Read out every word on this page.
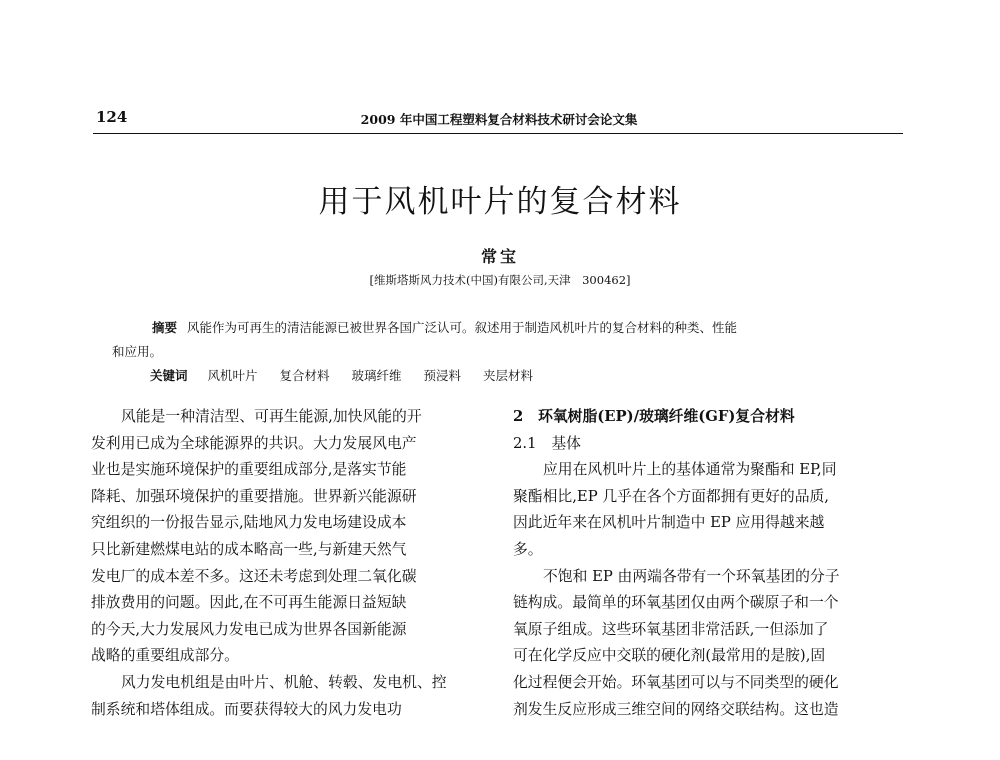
124	2009 年中国工程塑料复合材料技术研讨会论文集
用于风机叶片的复合材料
常宝
[维斯塔斯风力技术(中国)有限公司,天津　300462]
摘要 风能作为可再生的清洁能源已被世界各国广泛认可。叙述用于制造风机叶片的复合材料的种类、性能
和应用。
关键词 风机叶片 复合材料 玻璃纤维 预浸料 夹层材料
风能是一种清洁型、可再生能源,加快风能的开
发利用已成为全球能源界的共识。大力发展风电产
业也是实施环境保护的重要组成部分,是落实节能
降耗、加强环境保护的重要措施。世界新兴能源研
究组织的一份报告显示,陆地风力发电场建设成本
只比新建燃煤电站的成本略高一些,与新建天然气
发电厂的成本差不多。这还未考虑到处理二氧化碳
排放费用的问题。因此,在不可再生能源日益短缺
的今天,大力发展风力发电已成为世界各国新能源
战略的重要组成部分。
风力发电机组是由叶片、机舱、转毂、发电机、控
制系统和塔体组成。而要获得较大的风力发电功
2　环氧树脂(EP)/玻璃纤维(GF)复合材料
2.1　基体
应用在风机叶片上的基体通常为聚酯和 EP,同
聚酯相比,EP 几乎在各个方面都拥有更好的品质,
因此近年来在风机叶片制造中 EP 应用得越来越
多。
不饱和 EP 由两端各带有一个环氧基团的分子
链构成。最简单的环氧基团仅由两个碳原子和一个
氧原子组成。这些环氧基团非常活跃,一但添加了
可在化学反应中交联的硬化剂(最常用的是胺),固
化过程便会开始。环氧基团可以与不同类型的硬化
剂发生反应形成三维空间的网络交联结构。这也造
